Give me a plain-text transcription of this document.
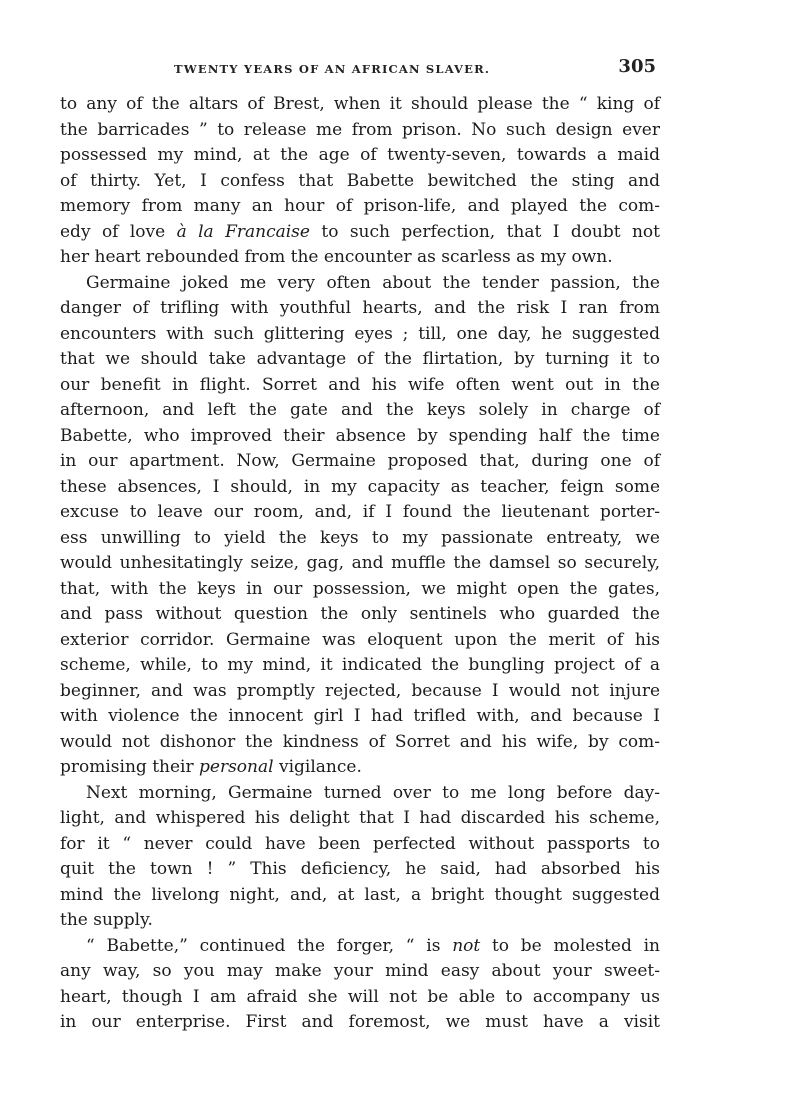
TWENTY YEARS OF AN AFRICAN SLAVER.	305
to any of the altars of Brest, when it should please the “ king of
the barricades ” to release me from prison. No such design ever
possessed my mind, at the age of twenty-seven, towards a maid
of thirty. Yet, I confess that Babette bewitched the sting and
memory from many an hour of prison-life, and played the com-
edy of love à la Francaise to such perfection, that I doubt not
her heart rebounded from the encounter as scarless as my own.
Germaine joked me very often about the tender passion, the
danger of trifling with youthful hearts, and the risk I ran from
encounters with such glittering eyes ; till, one day, he suggested
that we should take advantage of the flirtation, by turning it to
our benefit in flight. Sorret and his wife often went out in the
afternoon, and left the gate and the keys solely in charge of
Babette, who improved their absence by spending half the time
in our apartment. Now, Germaine proposed that, during one of
these absences, I should, in my capacity as teacher, feign some
excuse to leave our room, and, if I found the lieutenant porter-
ess unwilling to yield the keys to my passionate entreaty, we
would unhesitatingly seize, gag, and muffle the damsel so securely,
that, with the keys in our possession, we might open the gates,
and pass without question the only sentinels who guarded the
exterior corridor. Germaine was eloquent upon the merit of his
scheme, while, to my mind, it indicated the bungling project of a
beginner, and was promptly rejected, because I would not injure
with violence the innocent girl I had trifled with, and because I
would not dishonor the kindness of Sorret and his wife, by com-
promising their personal vigilance.
Next morning, Germaine turned over to me long before day-
light, and whispered his delight that I had discarded his scheme,
for it “ never could have been perfected without passports to
quit the town ! ” This deficiency, he said, had absorbed his
mind the livelong night, and, at last, a bright thought suggested
the supply.
“ Babette,” continued the forger, “ is not to be molested in
any way, so you may make your mind easy about your sweet-
heart, though I am afraid she will not be able to accompany us
in our enterprise. First and foremost, we must have a visit
